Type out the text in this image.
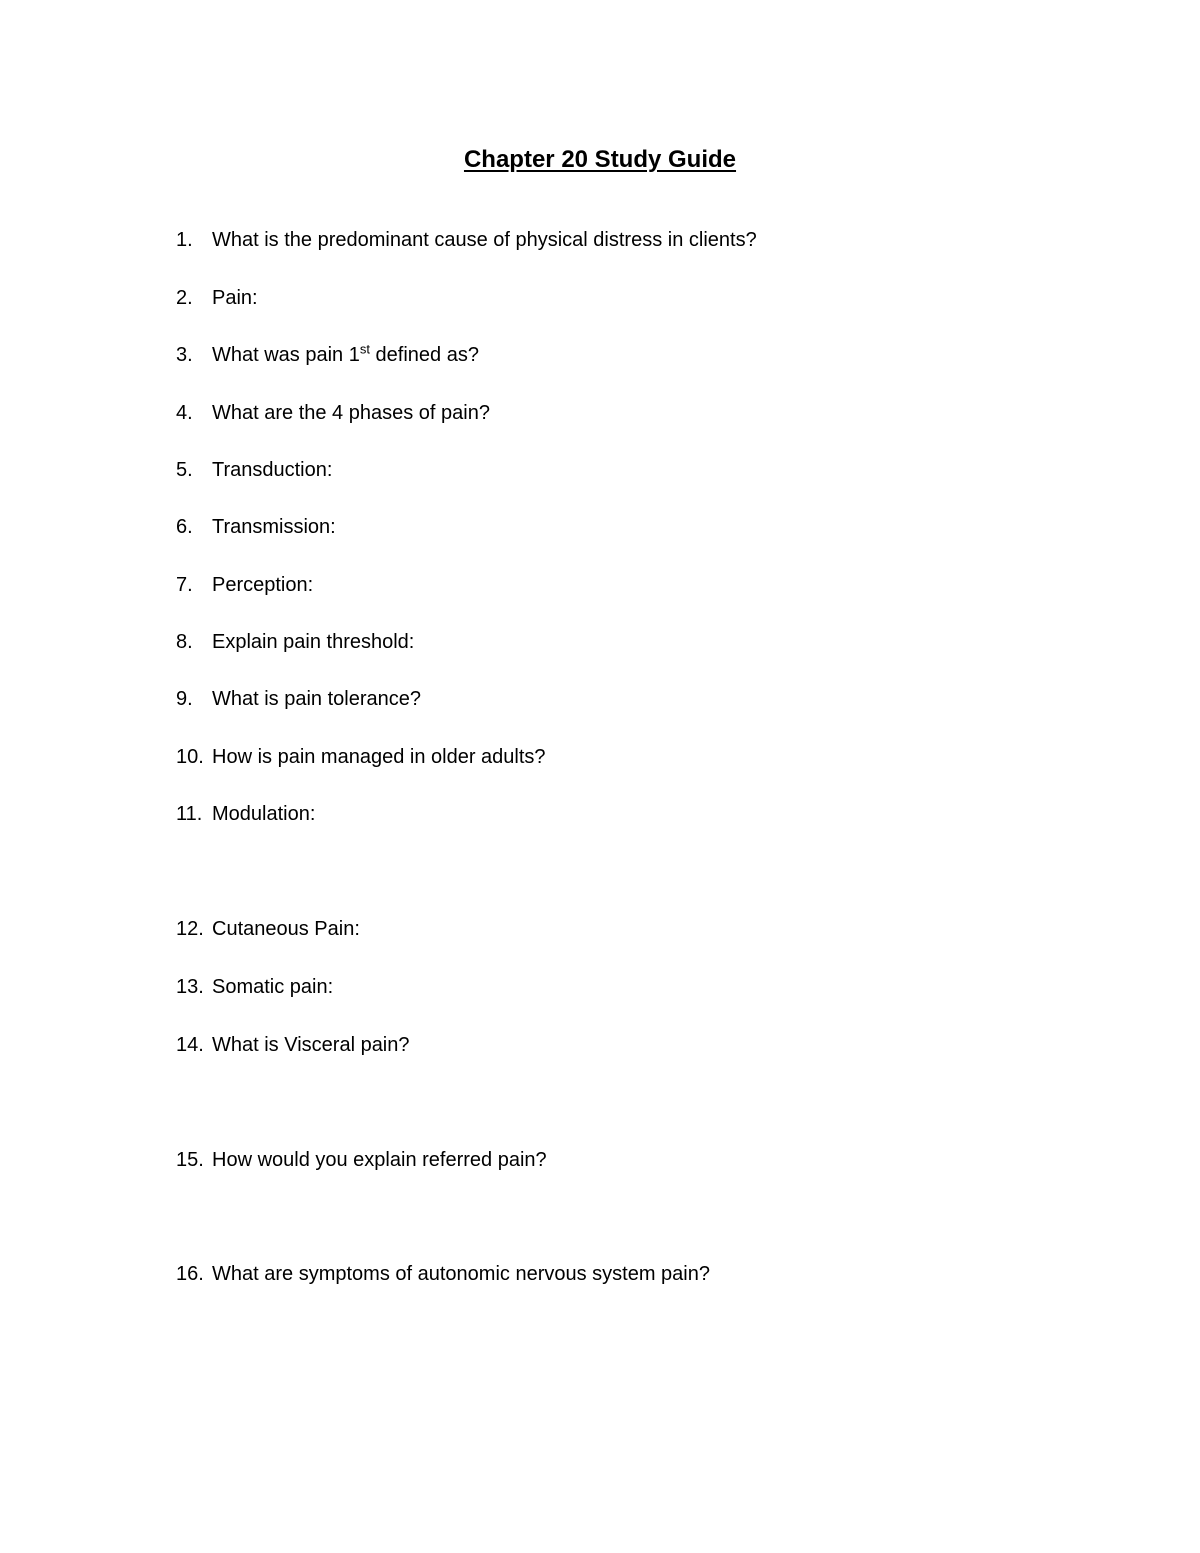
Chapter 20 Study Guide
1. What is the predominant cause of physical distress in clients?
2. Pain:
3. What was pain 1st defined as?
4. What are the 4 phases of pain?
5. Transduction:
6. Transmission:
7. Perception:
8. Explain pain threshold:
9. What is pain tolerance?
10. How is pain managed in older adults?
11. Modulation:
12. Cutaneous Pain:
13. Somatic pain:
14. What is Visceral pain?
15. How would you explain referred pain?
16. What are symptoms of autonomic nervous system pain?
